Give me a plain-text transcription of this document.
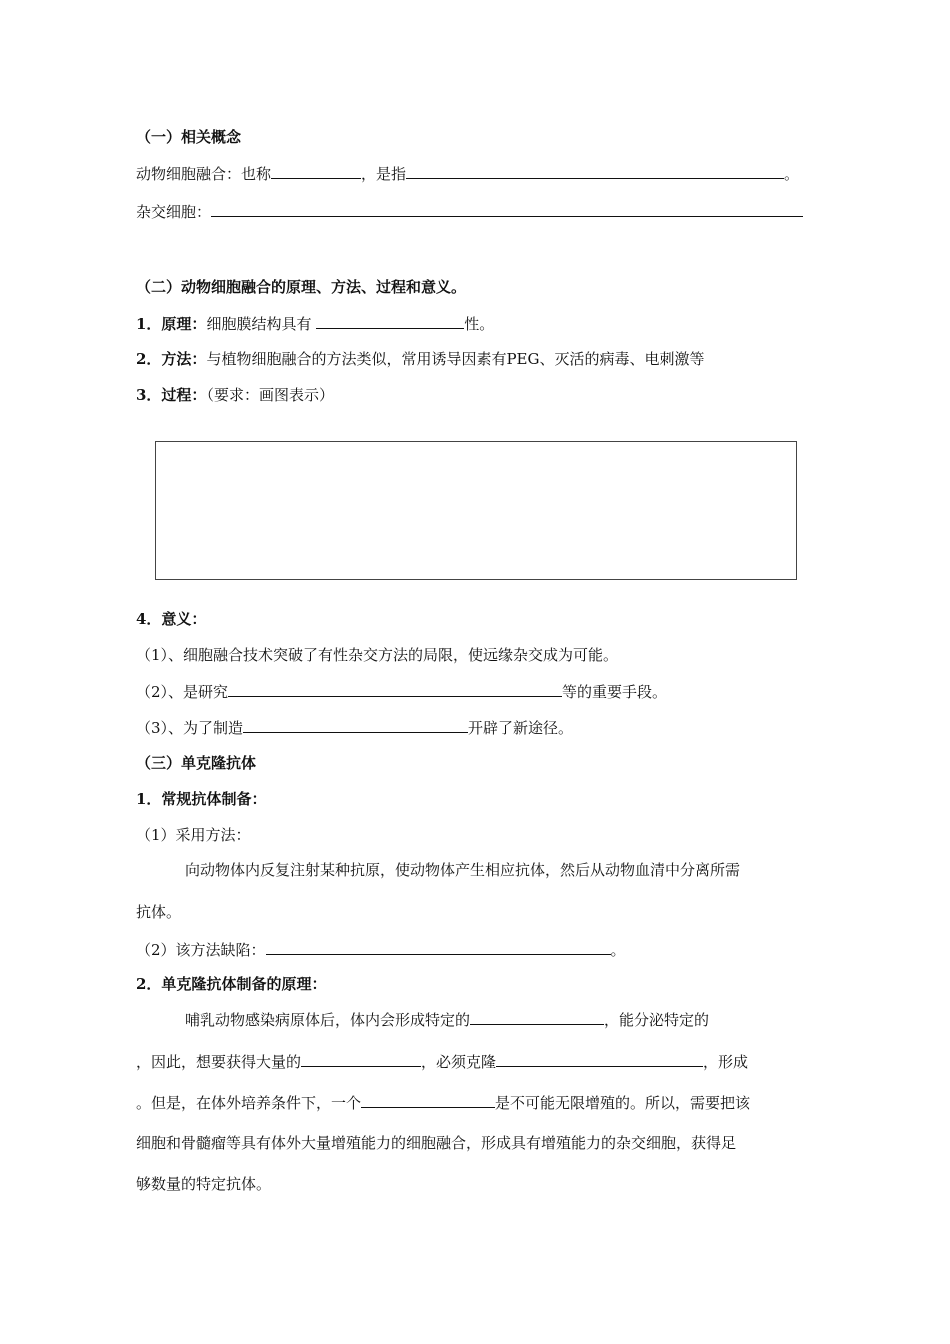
（一）相关概念
动物细胞融合：也称	，是指	。
杂交细胞：
（二）动物细胞融合的原理、方法、过程和意义。
1．原理：细胞膜结构具有	性。
2．方法：与植物细胞融合的方法类似，常用诱导因素有PEG、灭活的病毒、电刺激等
3．过程：（要求：画图表示）
4．意义：
（1）、细胞融合技术突破了有性杂交方法的局限，使远缘杂交成为可能。
（2）、是研究	等的重要手段。
（3）、为了制造	开辟了新途径。
（三）单克隆抗体
1．常规抗体制备：
（1）采用方法：
向动物体内反复注射某种抗原，使动物体产生相应抗体，然后从动物血清中分离所需
抗体。
（2）该方法缺陷：	。
2．单克隆抗体制备的原理：
哺乳动物感染病原体后，体内会形成特定的	，能分泌特定的
，因此，想要获得大量的	，必须克隆	，形成
。但是，在体外培养条件下，一个	是不可能无限增殖的。所以，需要把该
细胞和骨髓瘤等具有体外大量增殖能力的细胞融合，形成具有增殖能力的杂交细胞，获得足
够数量的特定抗体。
